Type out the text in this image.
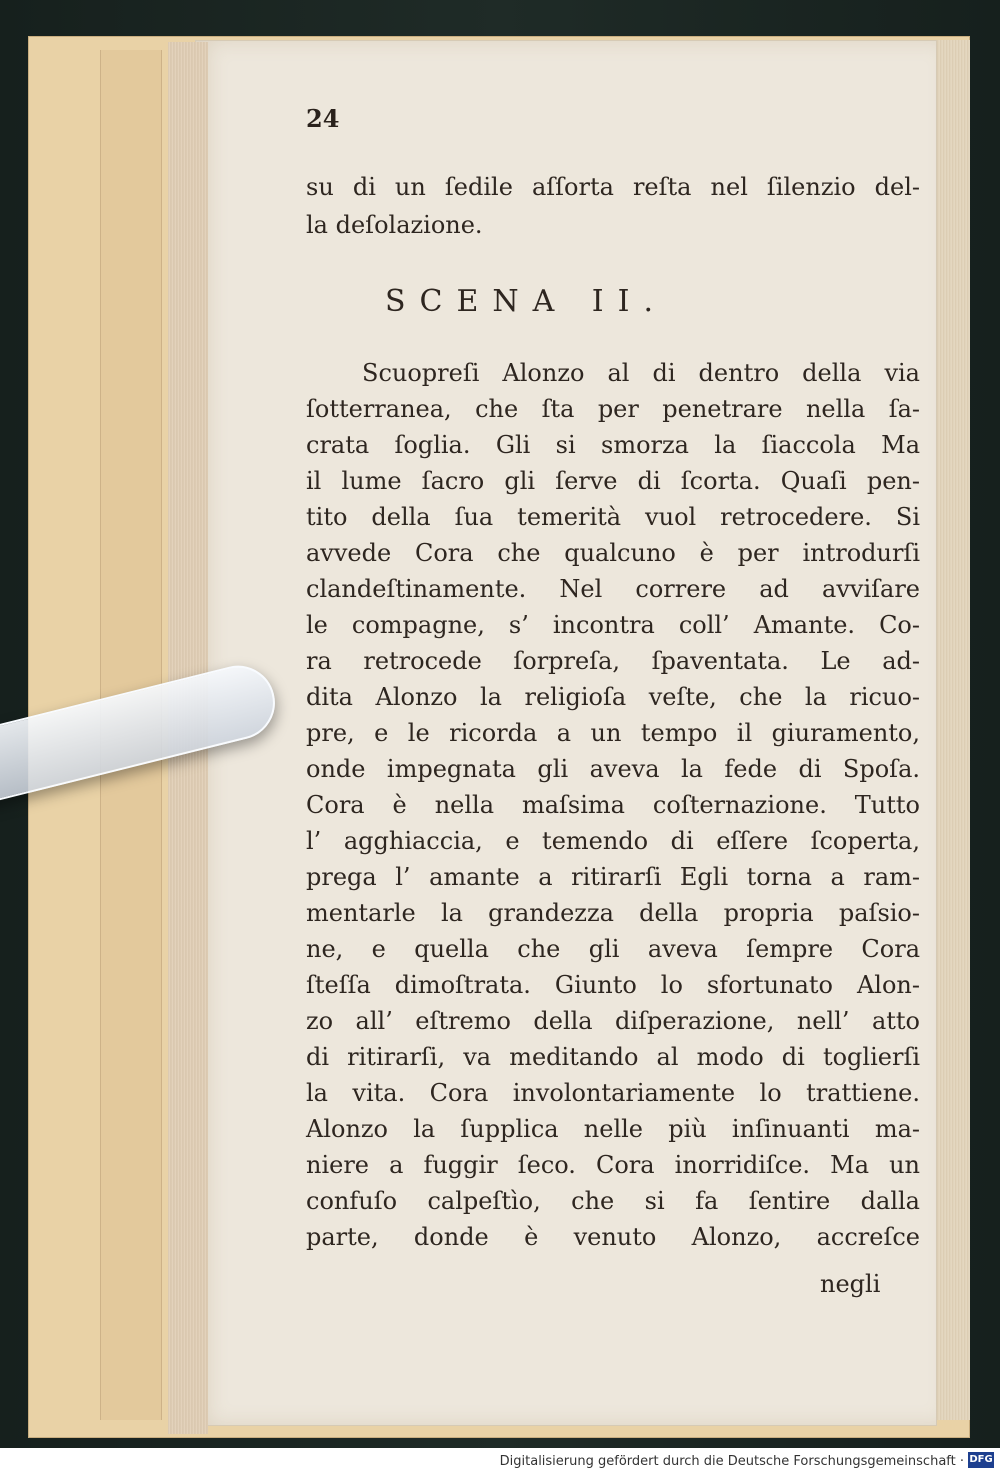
24
su di un ſedile aſſorta reſta nel ſilenzio del-
la deſolazione.
SCENA II.
Scuopreſi Alonzo al di dentro della via
ſotterranea, che ſta per penetrare nella ſa-
crata ſoglia. Gli si smorza la ſiaccola Ma
il lume ſacro gli ſerve di ſcorta. Quaſi pen-
tito della ſua temerità vuol retrocedere. Si
avvede Cora che qualcuno è per introdurſi
clandeſtinamente. Nel correre ad avviſare
le compagne, s’ incontra coll’ Amante. Co-
ra retrocede ſorpreſa, ſpaventata. Le ad-
dita Alonzo la religioſa veſte, che la ricuo-
pre, e le ricorda a un tempo il giuramento,
onde impegnata gli aveva la fede di Spoſa.
Cora è nella maſsima coſternazione. Tutto
l’ agghiaccia, e temendo di eſſere ſcoperta,
prega l’ amante a ritirarſi Egli torna a ram-
mentarle la grandezza della propria paſsio-
ne, e quella che gli aveva ſempre Cora
ſteſſa dimoſtrata. Giunto lo sfortunato Alon-
zo all’ eſtremo della diſperazione, nell’ atto
di ritirarſi, va meditando al modo di toglierſi
la vita. Cora involontariamente lo trattiene.
Alonzo la ſupplica nelle più inſinuanti ma-
niere a fuggir ſeco. Cora inorridiſce. Ma un
confuſo calpeſtìo, che si fa ſentire dalla
parte, donde è venuto Alonzo, accreſce
negli
Digitalisierung gefördert durch die Deutsche Forschungsgemeinschaft · DFG
